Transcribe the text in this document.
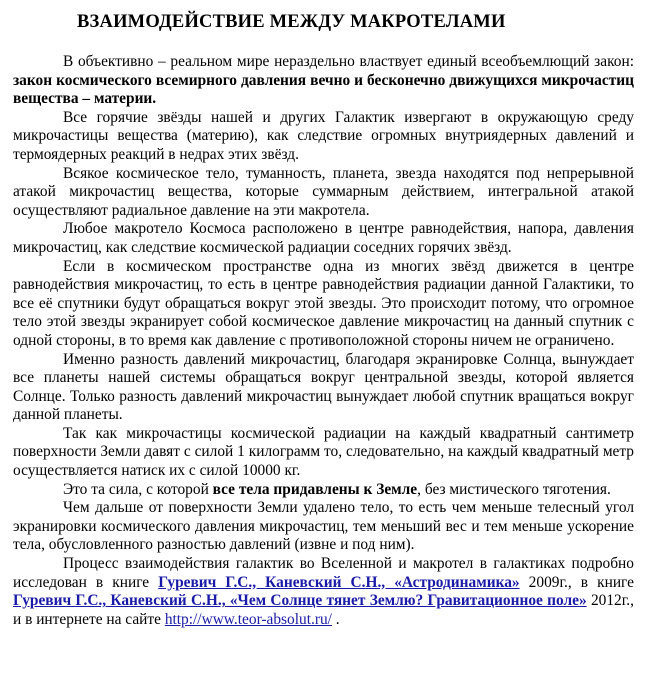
ВЗАИМОДЕЙСТВИЕ МЕЖДУ МАКРОТЕЛАМИ

В объективно – реальном мире нераздельно властвует единый всеобъемлющий закон: закон космического всемирного давления вечно и бесконечно движущихся микрочастиц вещества – материи.

Все горячие звёзды нашей и других Галактик извергают в окружающую среду микрочастицы вещества (материю), как следствие огромных внутриядерных давлений и термоядерных реакций в недрах этих звёзд.

Всякое космическое тело, туманность, планета, звезда находятся под непрерывной атакой микрочастиц вещества, которые суммарным действием, интегральной атакой осуществляют радиальное давление на эти макротела.

Любое макротело Космоса расположено в центре равнодействия, напора, давления микрочастиц, как следствие космической радиации соседних горячих звёзд.

Если в космическом пространстве одна из многих звёзд движется в центре равнодействия микрочастиц, то есть в центре равнодействия радиации данной Галактики, то все её спутники будут обращаться вокруг этой звезды. Это происходит потому, что огромное тело этой звезды экранирует собой космическое давление микрочастиц на данный спутник с одной стороны, в то время как давление с противоположной стороны ничем не ограничено.

Именно разность давлений микрочастиц, благодаря экранировке Солнца, вынуждает все планеты нашей системы обращаться вокруг центральной звезды, которой является Солнце. Только разность давлений микрочастиц вынуждает любой спутник вращаться вокруг данной планеты.

Так как микрочастицы космической радиации на каждый квадратный сантиметр поверхности Земли давят с силой 1 килограмм то, следовательно, на каждый квадратный метр осуществляется натиск их с силой 10000 кг.

Это та сила, с которой все тела придавлены к Земле, без мистического тяготения.

Чем дальше от поверхности Земли удалено тело, то есть чем меньше телесный угол экранировки космического давления микрочастиц, тем меньший вес и тем меньше ускорение тела, обусловленного разностью давлений (извне и под ним).

Процесс взаимодействия галактик во Вселенной и макротел в галактиках подробно исследован в книге Гуревич Г.С., Каневский С.Н., «Астродинамика» 2009г., в книге Гуревич Г.С., Каневский С.Н., «Чем Солнце тянет Землю? Гравитационное поле» 2012г., и в интернете на сайте http://www.teor-absolut.ru/ .
